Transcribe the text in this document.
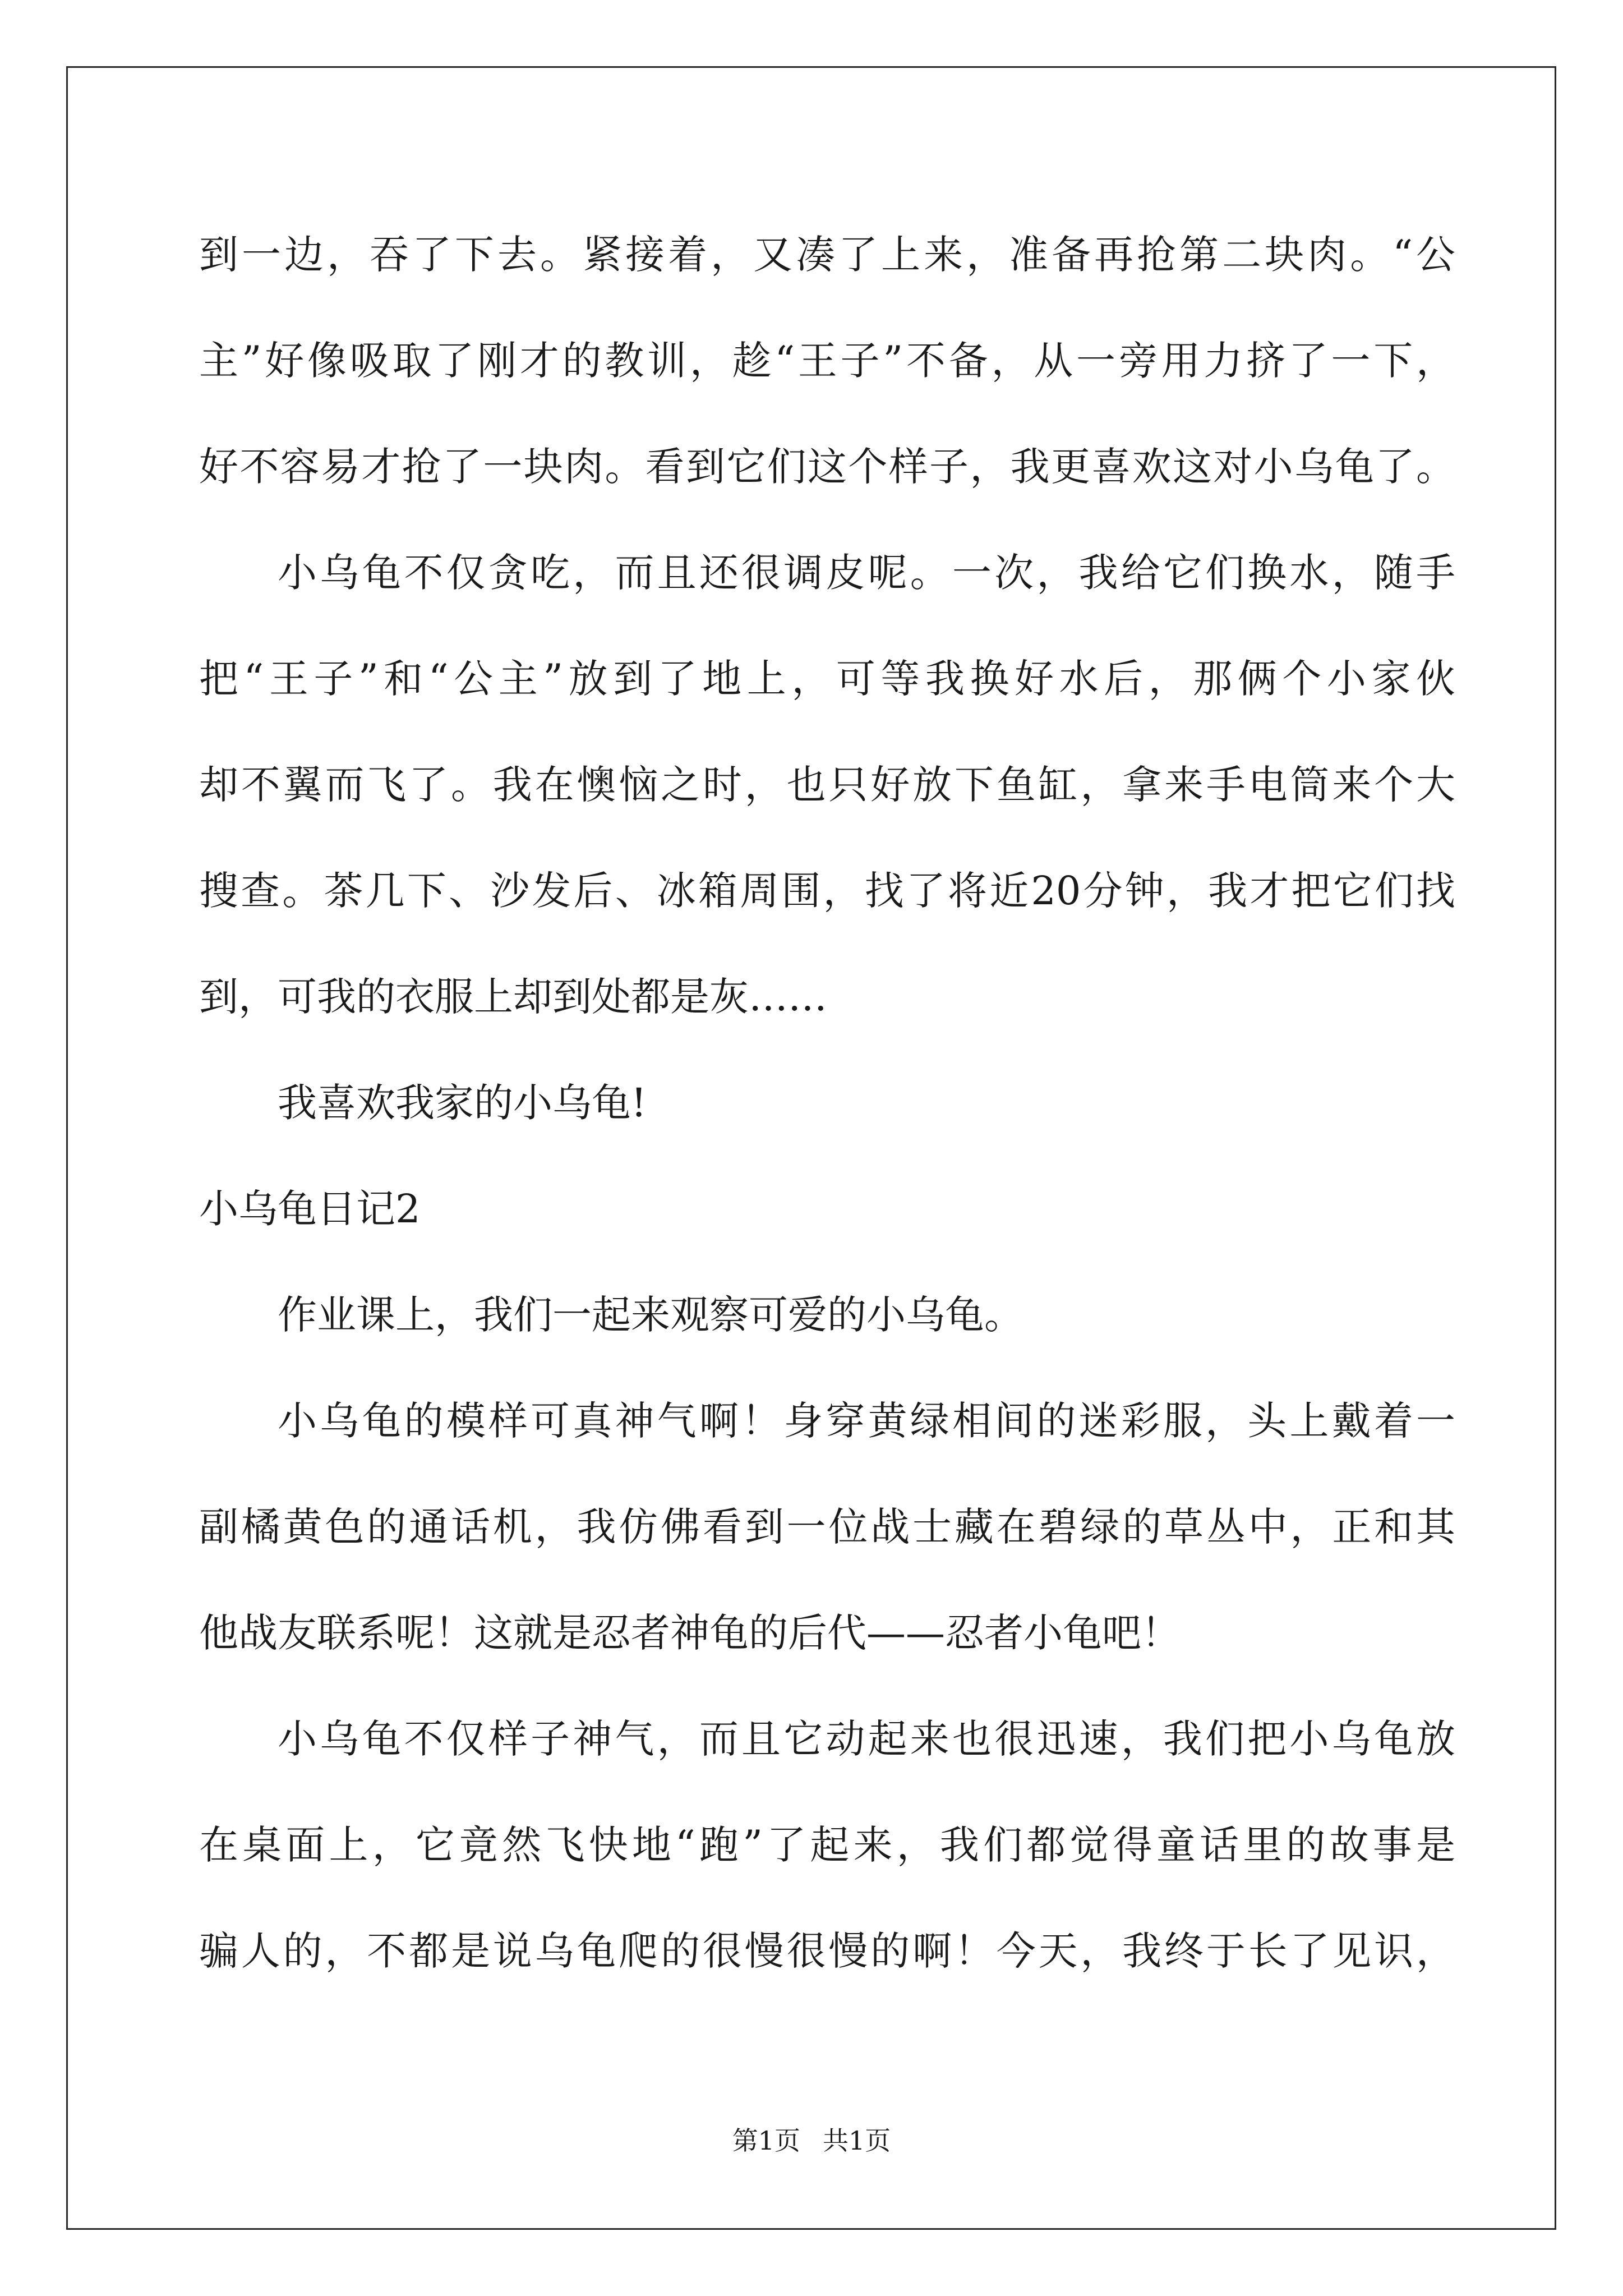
到一边，吞了下去。紧接着，又凑了上来，准备再抢第二块肉。“公
主”好像吸取了刚才的教训，趁“王子”不备，从一旁用力挤了一下，
好不容易才抢了一块肉。看到它们这个样子，我更喜欢这对小乌龟了。
小乌龟不仅贪吃，而且还很调皮呢。一次，我给它们换水，随手
把“王子”和“公主”放到了地上，可等我换好水后，那俩个小家伙
却不翼而飞了。我在懊恼之时，也只好放下鱼缸，拿来手电筒来个大
搜查。茶几下、沙发后、冰箱周围，找了将近20分钟，我才把它们找
到，可我的衣服上却到处都是灰……
我喜欢我家的小乌龟!
小乌龟日记2
作业课上，我们一起来观察可爱的小乌龟。
小乌龟的模样可真神气啊！身穿黄绿相间的迷彩服，头上戴着一
副橘黄色的通话机，我仿佛看到一位战士藏在碧绿的草丛中，正和其
他战友联系呢！这就是忍者神龟的后代——忍者小龟吧！
小乌龟不仅样子神气，而且它动起来也很迅速，我们把小乌龟放
在桌面上，它竟然飞快地“跑”了起来，我们都觉得童话里的故事是
骗人的，不都是说乌龟爬的很慢很慢的啊！今天，我终于长了见识，
第1页 共1页
